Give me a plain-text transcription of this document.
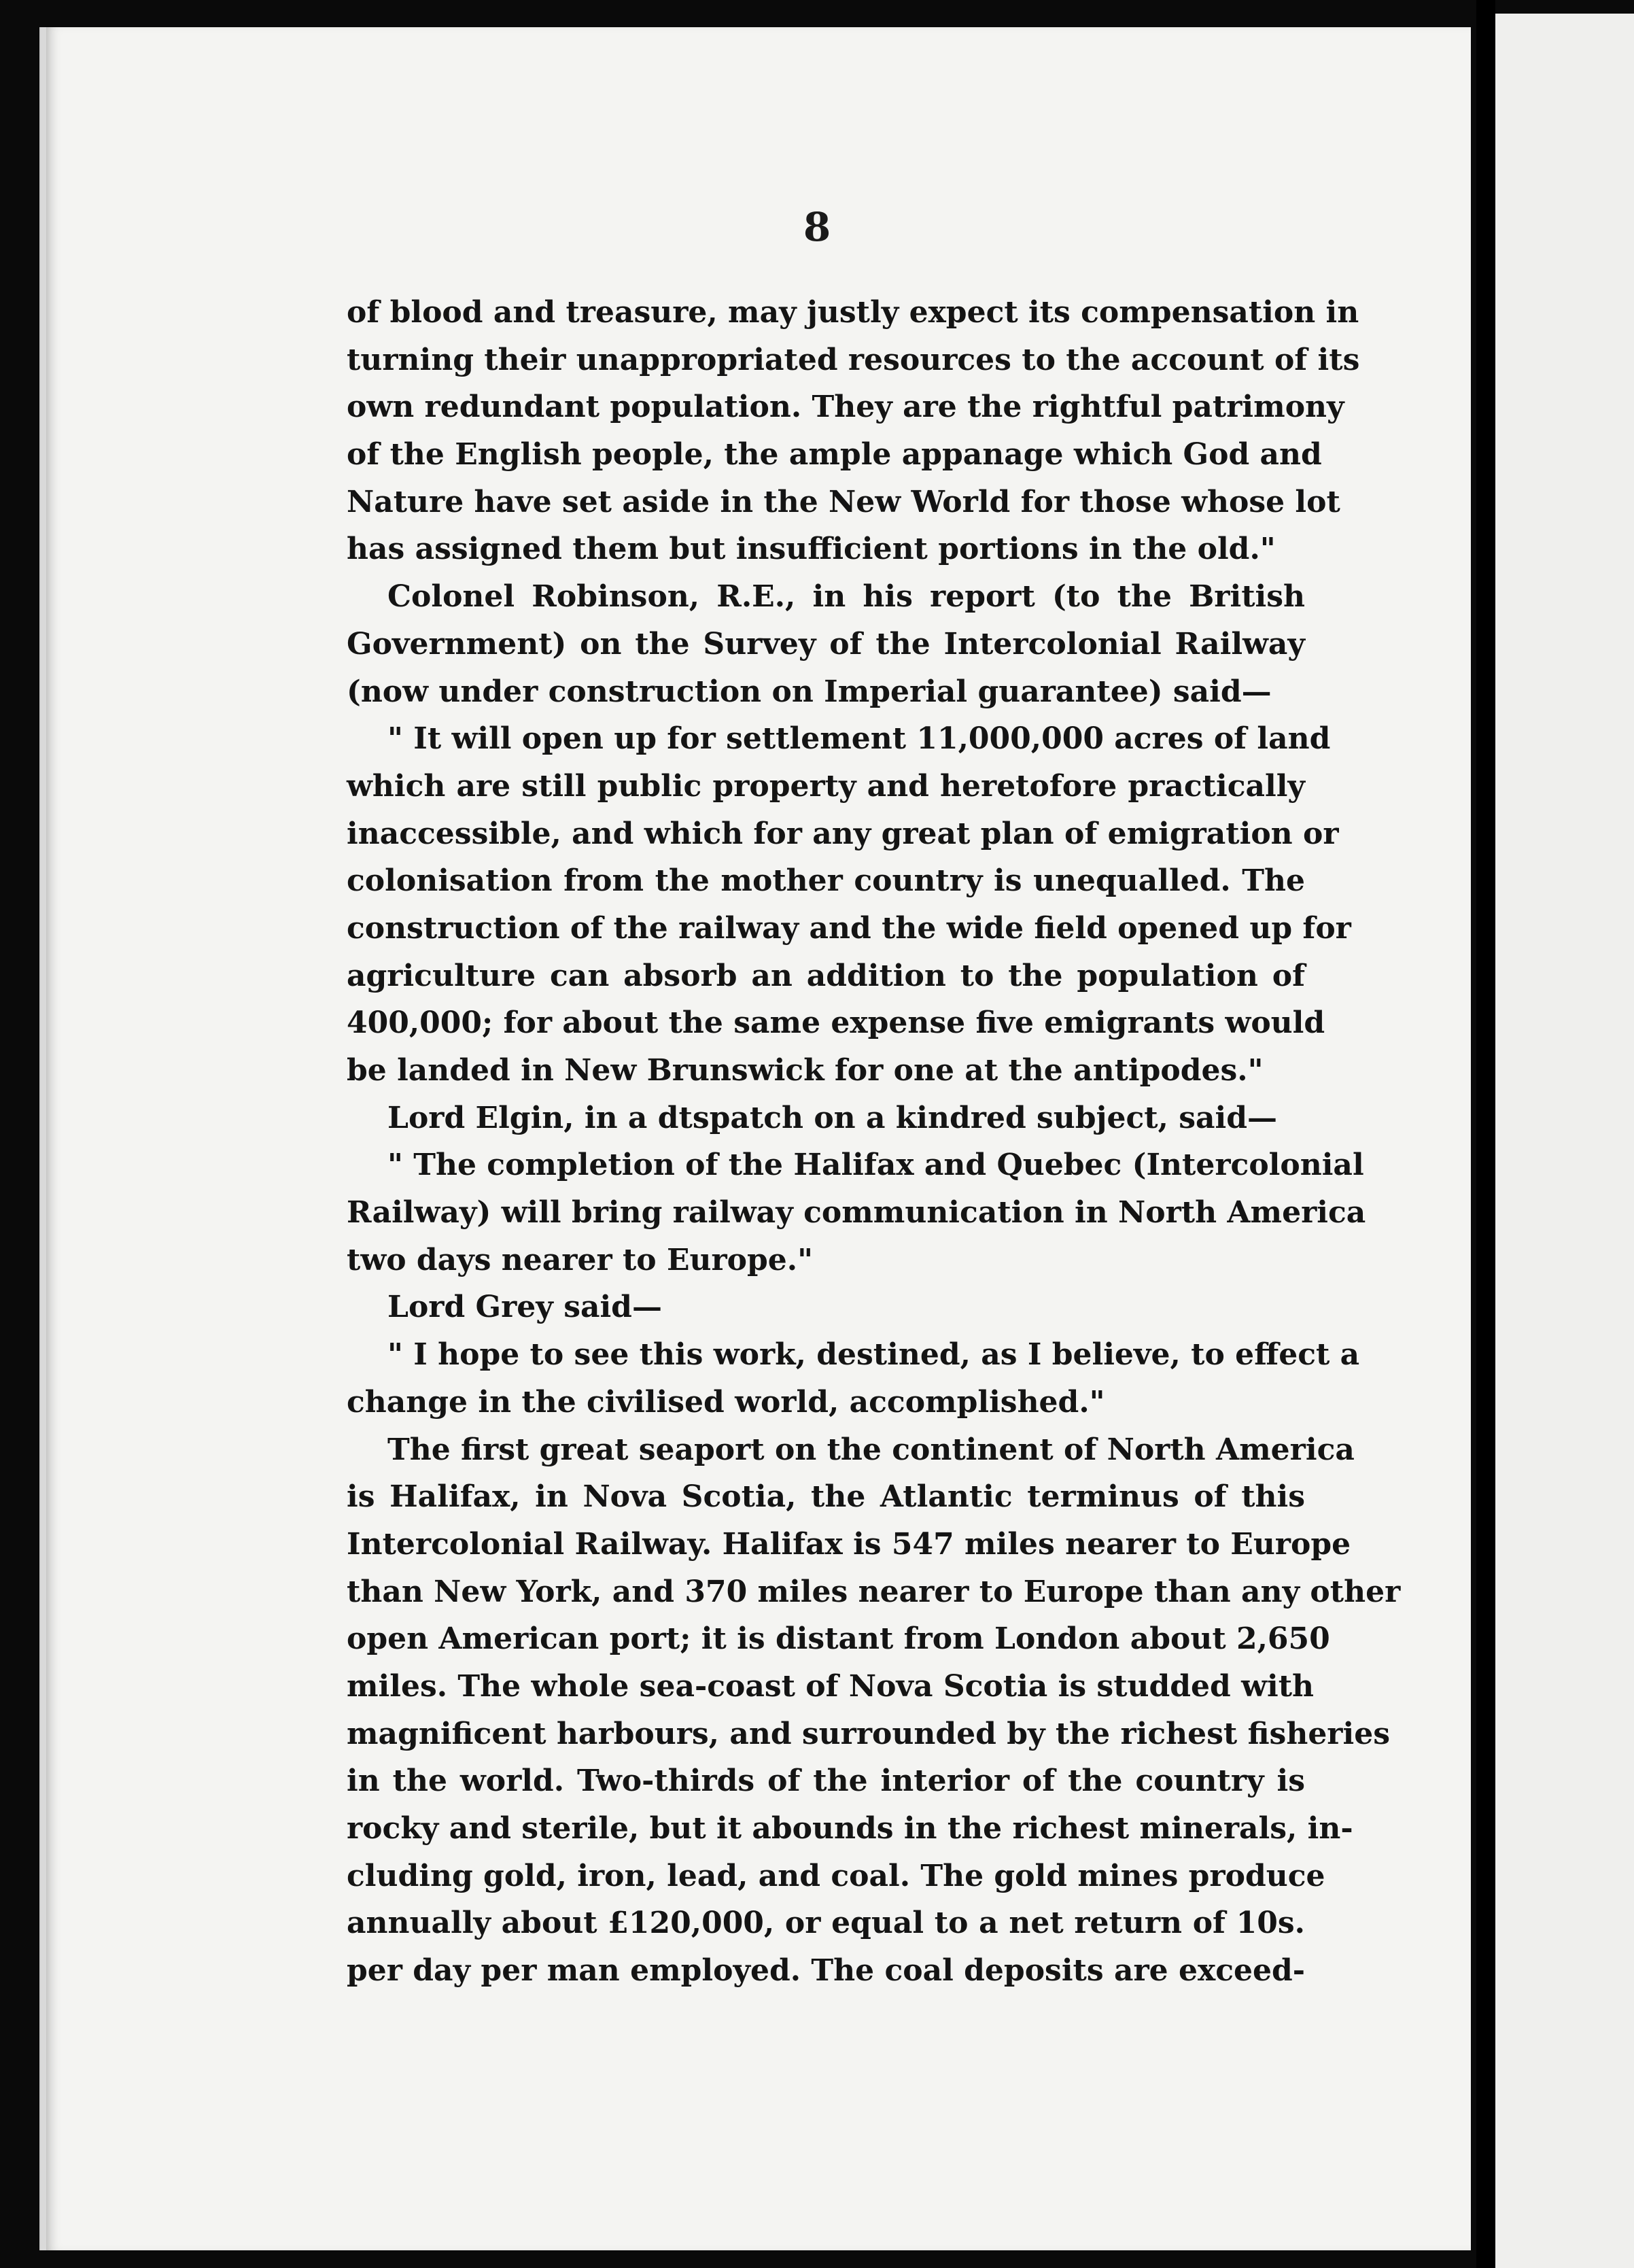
8
of blood and treasure, may justly expect its compensation in
turning their unappropriated resources to the account of its
own redundant population. They are the rightful patrimony
of the English people, the ample appanage which God and
Nature have set aside in the New World for those whose lot
has assigned them but insufficient portions in the old."
Colonel Robinson, R.E., in his report (to the British
Government) on the Survey of the Intercolonial Railway
(now under construction on Imperial guarantee) said—
" It will open up for settlement 11,000,000 acres of land
which are still public property and heretofore practically
inaccessible, and which for any great plan of emigration or
colonisation from the mother country is unequalled. The
construction of the railway and the wide field opened up for
agriculture can absorb an addition to the population of
400,000; for about the same expense five emigrants would
be landed in New Brunswick for one at the antipodes."
Lord Elgin, in a dtspatch on a kindred subject, said—
" The completion of the Halifax and Quebec (Intercolonial
Railway) will bring railway communication in North America
two days nearer to Europe."
Lord Grey said—
" I hope to see this work, destined, as I believe, to effect a
change in the civilised world, accomplished."
The first great seaport on the continent of North America
is Halifax, in Nova Scotia, the Atlantic terminus of this
Intercolonial Railway. Halifax is 547 miles nearer to Europe
than New York, and 370 miles nearer to Europe than any other
open American port; it is distant from London about 2,650
miles. The whole sea-coast of Nova Scotia is studded with
magnificent harbours, and surrounded by the richest fisheries
in the world. Two-thirds of the interior of the country is
rocky and sterile, but it abounds in the richest minerals, in-
cluding gold, iron, lead, and coal. The gold mines produce
annually about £120,000, or equal to a net return of 10s.
per day per man employed. The coal deposits are exceed-
